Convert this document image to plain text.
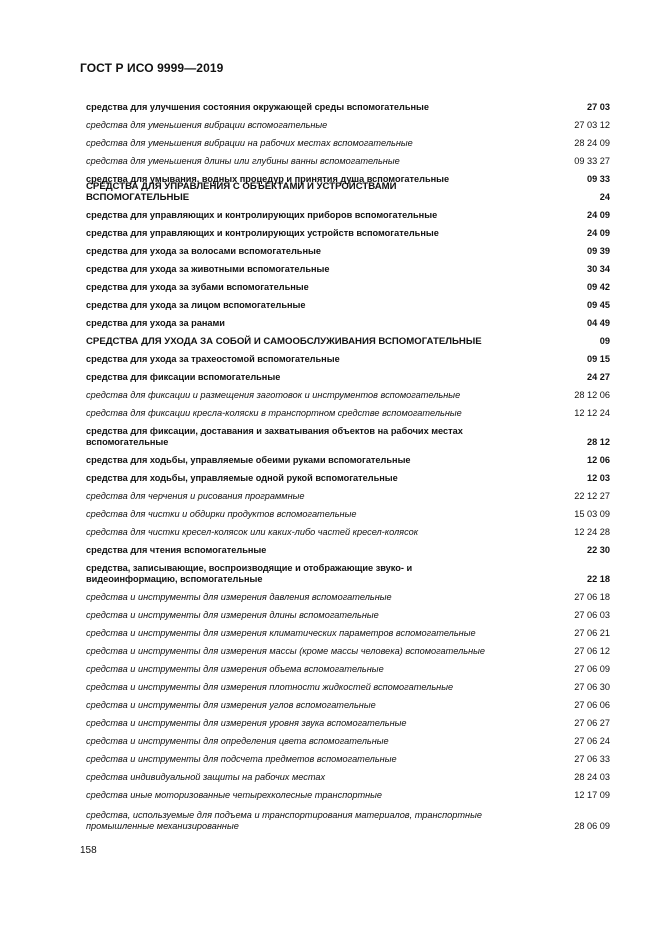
ГОСТ Р ИСО 9999—2019
средства для улучшения состояния окружающей среды вспомогательные	27 03
средства для уменьшения вибрации вспомогательные	27 03 12
средства для уменьшения вибрации на рабочих местах вспомогательные	28 24 09
средства для уменьшения длины или глубины ванны вспомогательные	09 33 27
средства для умывания, водных процедур и принятия душа вспомогательные	09 33
СРЕДСТВА ДЛЯ УПРАВЛЕНИЯ С ОБЪЕКТАМИ И УСТРОЙСТВАМИ ВСПОМОГАТЕЛЬНЫЕ	24
средства для управляющих и контролирующих приборов вспомогательные	24 09
средства для управляющих и контролирующих устройств вспомогательные	24 09
средства для ухода за волосами вспомогательные	09 39
средства для ухода за животными вспомогательные	30 34
средства для ухода за зубами вспомогательные	09 42
средства для ухода за лицом вспомогательные	09 45
средства для ухода за ранами	04 49
СРЕДСТВА ДЛЯ УХОДА ЗА СОБОЙ И САМООБСЛУЖИВАНИЯ ВСПОМОГАТЕЛЬНЫЕ	09
средства для ухода за трахеостомой вспомогательные	09 15
средства для фиксации вспомогательные	24 27
средства для фиксации и размещения заготовок и инструментов вспомогательные	28 12 06
средства для фиксации кресла-коляски в транспортном средстве вспомогательные	12 12 24
средства для фиксации, доставания и захватывания объектов на рабочих местах вспомогательные	28 12
средства для ходьбы, управляемые обеими руками вспомогательные	12 06
средства для ходьбы, управляемые одной рукой вспомогательные	12 03
средства для черчения и рисования программные	22 12 27
средства для чистки и обдирки продуктов вспомогательные	15 03 09
средства для чистки кресел-колясок или каких-либо частей кресел-колясок	12 24 28
средства для чтения вспомогательные	22 30
средства, записывающие, воспроизводящие и отображающие звуко- и видеоинформацию, вспомогательные	22 18
средства и инструменты для измерения давления вспомогательные	27 06 18
средства и инструменты для измерения длины вспомогательные	27 06 03
средства и инструменты для измерения климатических параметров вспомогательные	27 06 21
средства и инструменты для измерения массы (кроме массы человека) вспомогательные	27 06 12
средства и инструменты для измерения объема вспомогательные	27 06 09
средства и инструменты для измерения плотности жидкостей вспомогательные	27 06 30
средства и инструменты для измерения углов вспомогательные	27 06 06
средства и инструменты для измерения уровня звука вспомогательные	27 06 27
средства и инструменты для определения цвета вспомогательные	27 06 24
средства и инструменты для подсчета предметов вспомогательные	27 06 33
средства индивидуальной защиты на рабочих местах	28 24 03
средства иные моторизованные четырехколесные транспортные	12 17 09
средства, используемые для подъема и транспортирования материалов, транспортные промышленные механизированные	28 06 09
158
